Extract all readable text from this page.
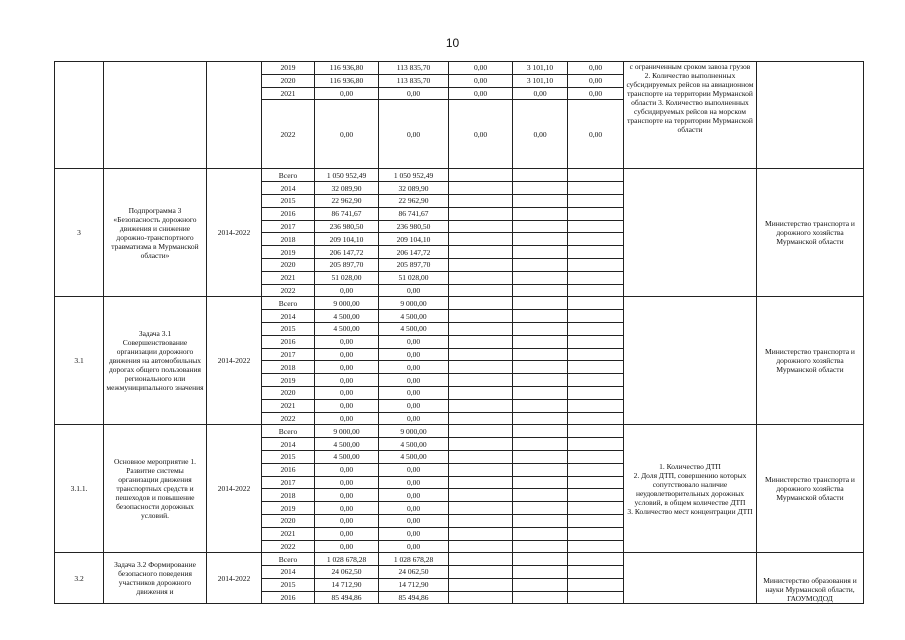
10
			2019	116 936,80	113 835,70	0,00	3 101,10	0,00	с ограниченным сроком завоза грузов
2. Количество выполненных субсидируемых рейсов на авиационном транспорте на территории Мурманской области 3. Количество выполненных субсидируемых рейсов на морском транспорте на территории Мурманской области	
			2020	116 936,80	113 835,70	0,00	3 101,10	0,00		
			2021	0,00	0,00	0,00	0,00	0,00		
			2022	0,00	0,00	0,00	0,00	0,00		
3	Подпрограмма 3 «Безопасность дорожного движения и снижение дорожно-транспортного травматизма в Мурманской области»	2014-2022	Всего	1 050 952,49	1 050 952,49					Министерство транспорта и дорожного хозяйства Мурманской области
			2014	32 089,90	32 089,90					
			2015	22 962,90	22 962,90					
			2016	86 741,67	86 741,67					
			2017	236 980,50	236 980,50					
			2018	209 104,10	209 104,10					
			2019	206 147,72	206 147,72					
			2020	205 897,70	205 897,70					
			2021	51 028,00	51 028,00					
			2022	0,00	0,00					
3.1	Задача 3.1 Совершенствование организации дорожного движения на автомобильных дорогах общего пользования регионального или межмуниципального значения	2014-2022	Всего	9 000,00	9 000,00					Министерство транспорта и дорожного хозяйства Мурманской области
			2014	4 500,00	4 500,00					
			2015	4 500,00	4 500,00					
			2016	0,00	0,00					
			2017	0,00	0,00					
			2018	0,00	0,00					
			2019	0,00	0,00					
			2020	0,00	0,00					
			2021	0,00	0,00					
			2022	0,00	0,00					
3.1.1.	Основное мероприятие 1. Развитие системы организации движения транспортных средств и пешеходов и повышение безопасности дорожных условий.	2014-2022	Всего	9 000,00	9 000,00				1. Количество ДТП
2. Доля ДТП, совершению которых сопутствовало наличие неудовлетворительных дорожных условий, в общем количестве ДТП
3. Количество мест концентрации ДТП	Министерство транспорта и дорожного хозяйства Мурманской области
			2014	4 500,00	4 500,00					
			2015	4 500,00	4 500,00					
			2016	0,00	0,00					
			2017	0,00	0,00					
			2018	0,00	0,00					
			2019	0,00	0,00					
			2020	0,00	0,00					
			2021	0,00	0,00					
			2022	0,00	0,00					
3.2	Задача 3.2 Формирование безопасного поведения участников дорожного движения и	2014-2022	Всего	1 028 678,28	1 028 678,28					Министерство образования и науки Мурманской области, ГАОУМОДОД
			2014	24 062,50	24 062,50					
			2015	14 712,90	14 712,90					
			2016	85 494,86	85 494,86					
